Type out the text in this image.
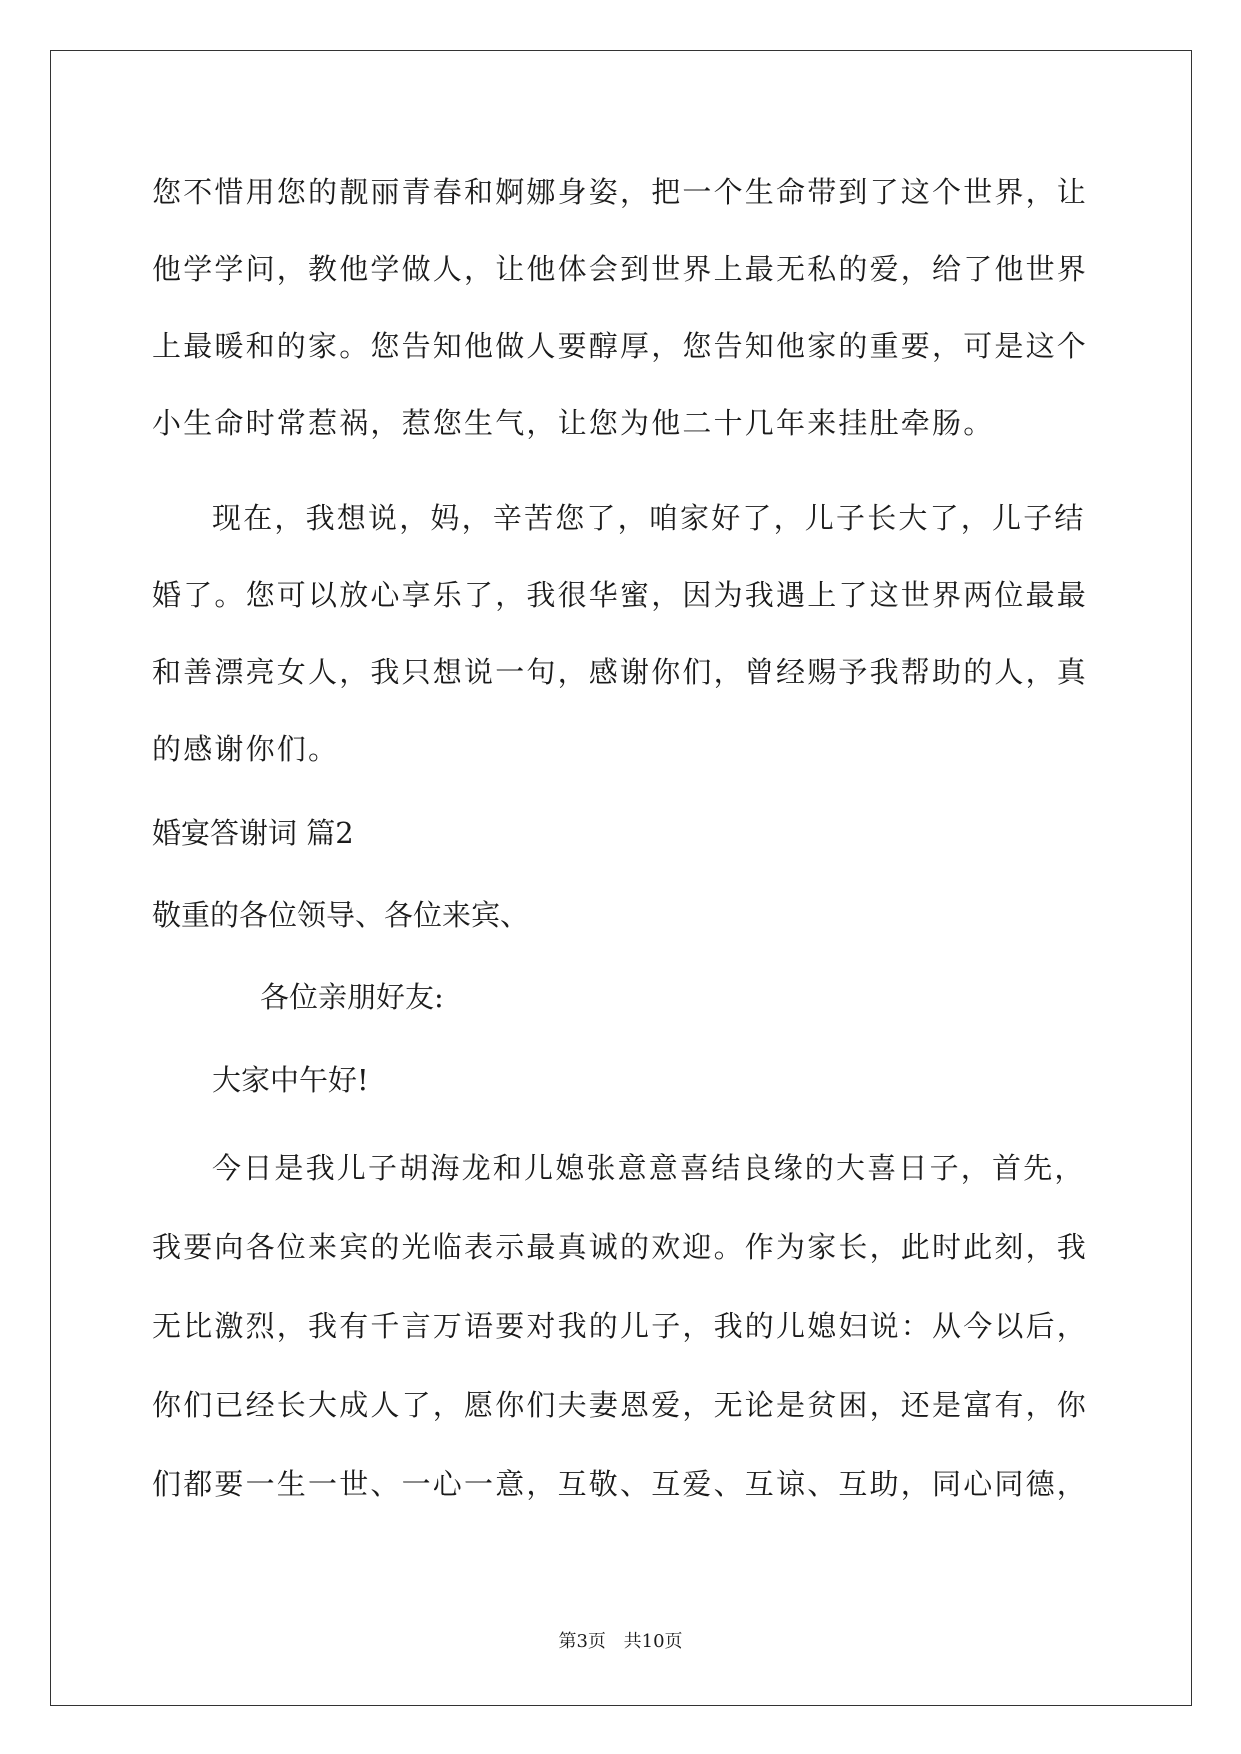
您不惜用您的靓丽青春和婀娜身姿，把一个生命带到了这个世界，让
他学学问，教他学做人，让他体会到世界上最无私的爱，给了他世界
上最暖和的家。您告知他做人要醇厚，您告知他家的重要，可是这个
小生命时常惹祸，惹您生气，让您为他二十几年来挂肚牵肠。
现在，我想说，妈，辛苦您了，咱家好了，儿子长大了，儿子结
婚了。您可以放心享乐了，我很华蜜，因为我遇上了这世界两位最最
和善漂亮女人，我只想说一句，感谢你们，曾经赐予我帮助的人，真
的感谢你们。
婚宴答谢词 篇2
敬重的各位领导、各位来宾、
各位亲朋好友:
大家中午好!
今日是我儿子胡海龙和儿媳张意意喜结良缘的大喜日子，首先，
我要向各位来宾的光临表示最真诚的欢迎。作为家长，此时此刻，我
无比激烈，我有千言万语要对我的儿子，我的儿媳妇说：从今以后，
你们已经长大成人了，愿你们夫妻恩爱，无论是贫困，还是富有，你
们都要一生一世、一心一意，互敬、互爱、互谅、互助，同心同德，
第3页 共10页
